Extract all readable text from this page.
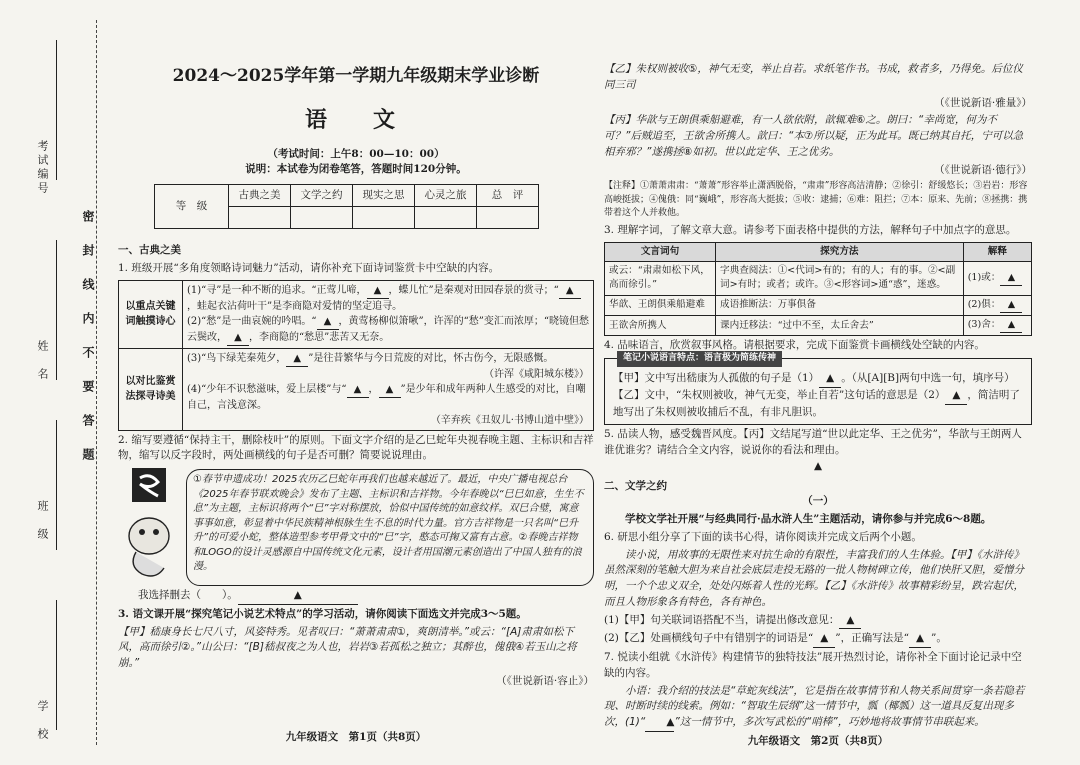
考试编号
姓　名
班　级
学　校
密封线内不要答题
2024～2025学年第一学期九年级期末学业诊断
语　文
（考试时间：上午8：00—10：00）
说明：本试卷为闭卷笔答，答题时间120分钟。
等　级	古典之美	文学之约	现实之思	心灵之旅	总　评

一、古典之美
1. 班级开展“多角度领略诗词魅力”活动，请你补充下面诗词鉴赏卡中空缺的内容。
以重点关键词触摸诗心	(1)“寻”是一种不断的追求。“正莺儿啼， ▲ ，蝶儿忙”是秦观对田园春景的赏寻；“ ▲，蛙起衣沾荷叶干”是李商隐对爱情的坚定追寻。
(2)“愁”是一曲哀婉的吟唱。“ ▲ ，黄莺杨柳似箫啾”，许浑的“愁”变汇而浓厚；“晓镜但愁云鬓改， ▲ ，李商隐的“愁思”悲苦又无奈。
以对比鉴赏法探寻诗美	(3)“鸟下绿芜秦苑夕， ▲ ”是往昔繁华与今日荒废的对比，怀古伤今，无限感慨。

（许浑《咸阳城东楼》）
(4)“少年不识愁滋味，爱上层楼”与“ ▲ ， ▲ ”是少年和成年两种人生感受的对比，自嘲自己，言浅意深。

（辛弃疾《丑奴儿·书博山道中壁》）
2. 缩写要遵循“保持主干，删除枝叶”的原则。下面文字介绍的是乙巳蛇年央视春晚主题、主标识和吉祥物，缩写以反字段时，两处画横线的句子是否可删？简要说说理由。
①春节申遗成功！2025农历乙巳蛇年再我们也越来越近了。最近，中央广播电视总台《2025年春节联欢晚会》发布了主题、主标识和吉祥物。今年春晚以“巳巳如意，生生不息”为主题，主标识将两个“巳”字对称摆放，恰似中国传统的如意纹样。双巳合璧，寓意事事如意，彰显着中华民族精神根脉生生不息的时代力量。官方吉祥物是一只名叫“巳升升”的可爱小蛇，整体造型参考甲骨文中的“巳”字，憨态可掬又富有古意。②春晚吉祥物和LOGO的设计灵感源自中国传统文化元素，设计者用国潮元素创造出了中国人独有的浪漫。
我选择删去（　　）。	▲
3. 语文课开展“探究笔记小说艺术特点”的学习活动，请你阅读下面选文并完成3～5题。
【甲】嵇康身长七尺八寸，风姿特秀。见者叹曰：“萧萧肃肃①，爽朗清举。”或云：“[A]肃肃如松下风，高而徐引②。”山公曰：“[B]嵇叔夜之为人也，岩岩③若孤松之独立；其醉也，傀俄④若玉山之将崩。”
（《世说新语·容止》）
九年级语文　第1页（共8页）
【乙】朱权则被收⑤，神气无变，举止自若。求纸笔作书。书成，救者多，乃得免。后位仪同三司
（《世说新语·雅量》）
【丙】华歆与王朗俱乘船避难，有一人欲依附，歆辄难⑥之。朗曰：“幸尚宽，何为不可？”后贼追至，王欲舍所携人。歆曰：“本⑦所以疑，正为此耳。既已纳其自托，宁可以急相弃邪？”遂携拯⑧如初。世以此定华、王之优劣。
（《世说新语·德行》）
【注释】①萧萧肃肃：“萧萧”形容举止潇洒脱俗，“肃肃”形容高洁清静；②徐引：舒缓悠长；③岩岩：形容高峻挺拔；④傀俄：同“巍峨”，形容高大挺拔；⑤收：逮捕；⑥难：阻拦；⑦本：原来、先前；⑧拯携：携带着这个人并救他。
3. 理解字词，了解文章大意。请参考下面表格中提供的方法，解释句子中加点字的意思。
文言词句	探究方法	解释
或云：“肃肃如松下风，高而徐引。”	字典查阅法：①<代词>有的；有的人；有的事。②<副词>有时；或者；或许。③<形容词>通“惑”，迷惑。	(1)或： ▲
华歆、王朗俱乘船避难	成语推断法：万事俱备	(2)俱： ▲
王欲舍所携人	课内迁移法：“过中不至，太丘舍去”	(3)舍： ▲
4. 品味语言，欣赏叙事风格。请根据要求，完成下面鉴赏卡画横线处空缺的内容。
笔记小说语言特点：语言极为简练传神
【甲】文中写出嵇康为人孤傲的句子是（1） ▲ 。（从[A][B]两句中选一句，填序号）【乙】文中，“朱权则被收，神气无变，举止自若”这句话的意思是（2） ▲ ，简洁明了地写出了朱权则被收捕后不乱，有非凡胆识。
5. 品读人物，感受魏晋风度。【丙】文结尾写道“世以此定华、王之优劣”，华歆与王朗两人谁优谁劣？请结合全文内容，说说你的看法和理由。
▲
二、文学之约
（一）
学校文学社开展“与经典同行·品水浒人生”主题活动，请你参与并完成6～8题。
6. 研思小组分享了下面的读书心得，请你阅读并完成文后两个小题。
读小说，用故事的无限性来对抗生命的有限性，丰富我们的人生体验。【甲】《水浒传》虽然深刻的笔触大胆为来自社会底层走投无路的一批人物树碑立传，他们快肝又胆，爱憎分明，一个个忠义双全，处处闪烁着人性的光辉。【乙】《水浒传》故事精彩纷呈，跌宕起伏，而且人物形象各有特色，各有神色。
(1)【甲】句关联词语搭配不当，请提出修改意见： ▲
(2)【乙】处画横线句子中有错别字的词语是“ ▲ ”，正确写法是“ ▲ ”。
7. 悦读小组就《水浒传》构建情节的独特技法”展开热烈讨论，请你补全下面讨论记录中空缺的内容。
小语：我介绍的技法是“草蛇灰线法”，它是指在故事情节和人物关系间贯穿一条若隐若现、时断时续的线索。例如：“智取生辰纲”这一情节中，瓢（椰瓢）这一道具反复出现多次，(1)“ ▲”这一情节中，多次写武松的“哨棒”，巧妙地将故事情节串联起来。
九年级语文　第2页（共8页）
